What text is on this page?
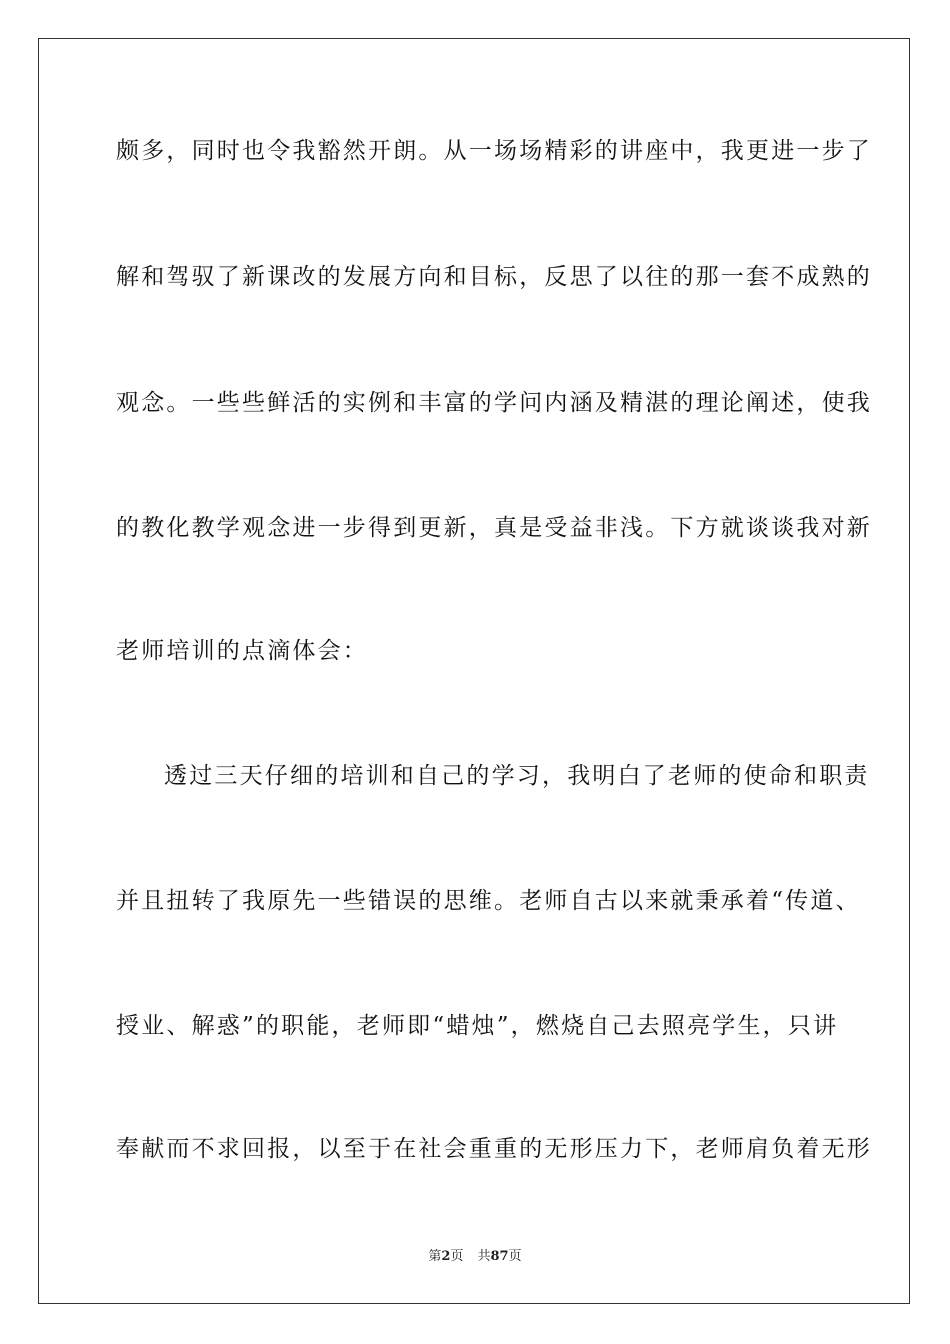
颇多，同时也令我豁然开朗。从一场场精彩的讲座中，我更进一步了
解和驾驭了新课改的发展方向和目标，反思了以往的那一套不成熟的
观念。一些些鲜活的实例和丰富的学问内涵及精湛的理论阐述，使我
的教化教学观念进一步得到更新，真是受益非浅。下方就谈谈我对新
老师培训的点滴体会：
透过三天仔细的培训和自己的学习，我明白了老师的使命和职责
并且扭转了我原先一些错误的思维。老师自古以来就秉承着“传道、
授业、解惑”的职能，老师即“蜡烛”，燃烧自己去照亮学生，只讲
奉献而不求回报，以至于在社会重重的无形压力下，老师肩负着无形
第2页 共87页
